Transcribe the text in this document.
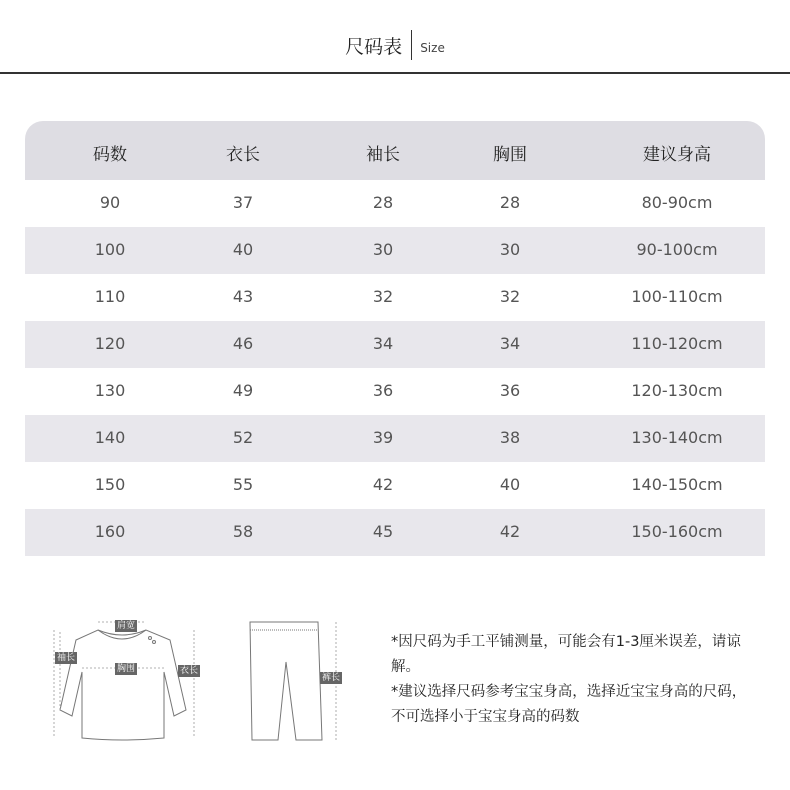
尺码表 Size
码数	衣长	袖长	胸围	建议身高
90	37	28	28	80-90cm
100	40	30	30	90-100cm
110	43	32	32	100-110cm
120	46	34	34	110-120cm
130	49	36	36	120-130cm
140	52	39	38	130-140cm
150	55	42	40	140-150cm
160	58	45	42	150-160cm
肩宽
袖长
胸围	衣长
裤长

*因尺码为手工平铺测量，可能会有1-3厘米误差，请谅解。

*建议选择尺码参考宝宝身高，选择近宝宝身高的尺码，不可选择小于宝宝身高的码数
